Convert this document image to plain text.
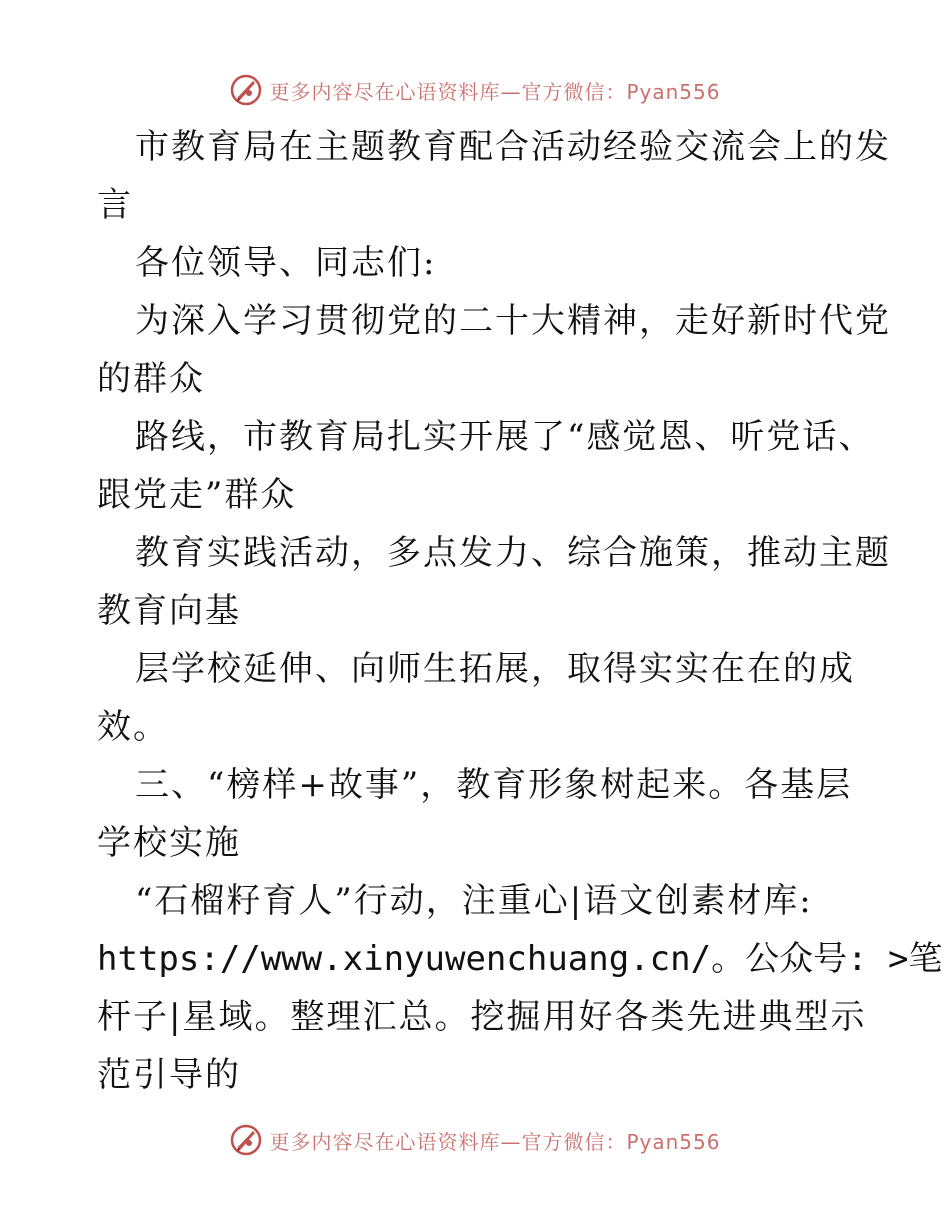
更多内容尽在心语资料库—官方微信：Pyan556
市教育局在主题教育配合活动经验交流会上的发
言
各位领导、同志们:
为深入学习贯彻党的二十大精神，走好新时代党
的群众
路线，市教育局扎实开展了“感觉恩、听党话、
跟党走”群众
教育实践活动，多点发力、综合施策，推动主题
教育向基
层学校延伸、向师生拓展，取得实实在在的成
效。
三、“榜样+故事”，教育形象树起来。各基层
学校实施
“石榴籽育人”行动，注重心|语文创素材库:
https://www.xinyuwenchuang.cn/。公众号: >笔
杆子|星域。整理汇总。挖掘用好各类先进典型示
范引导的
更多内容尽在心语资料库—官方微信：Pyan556
